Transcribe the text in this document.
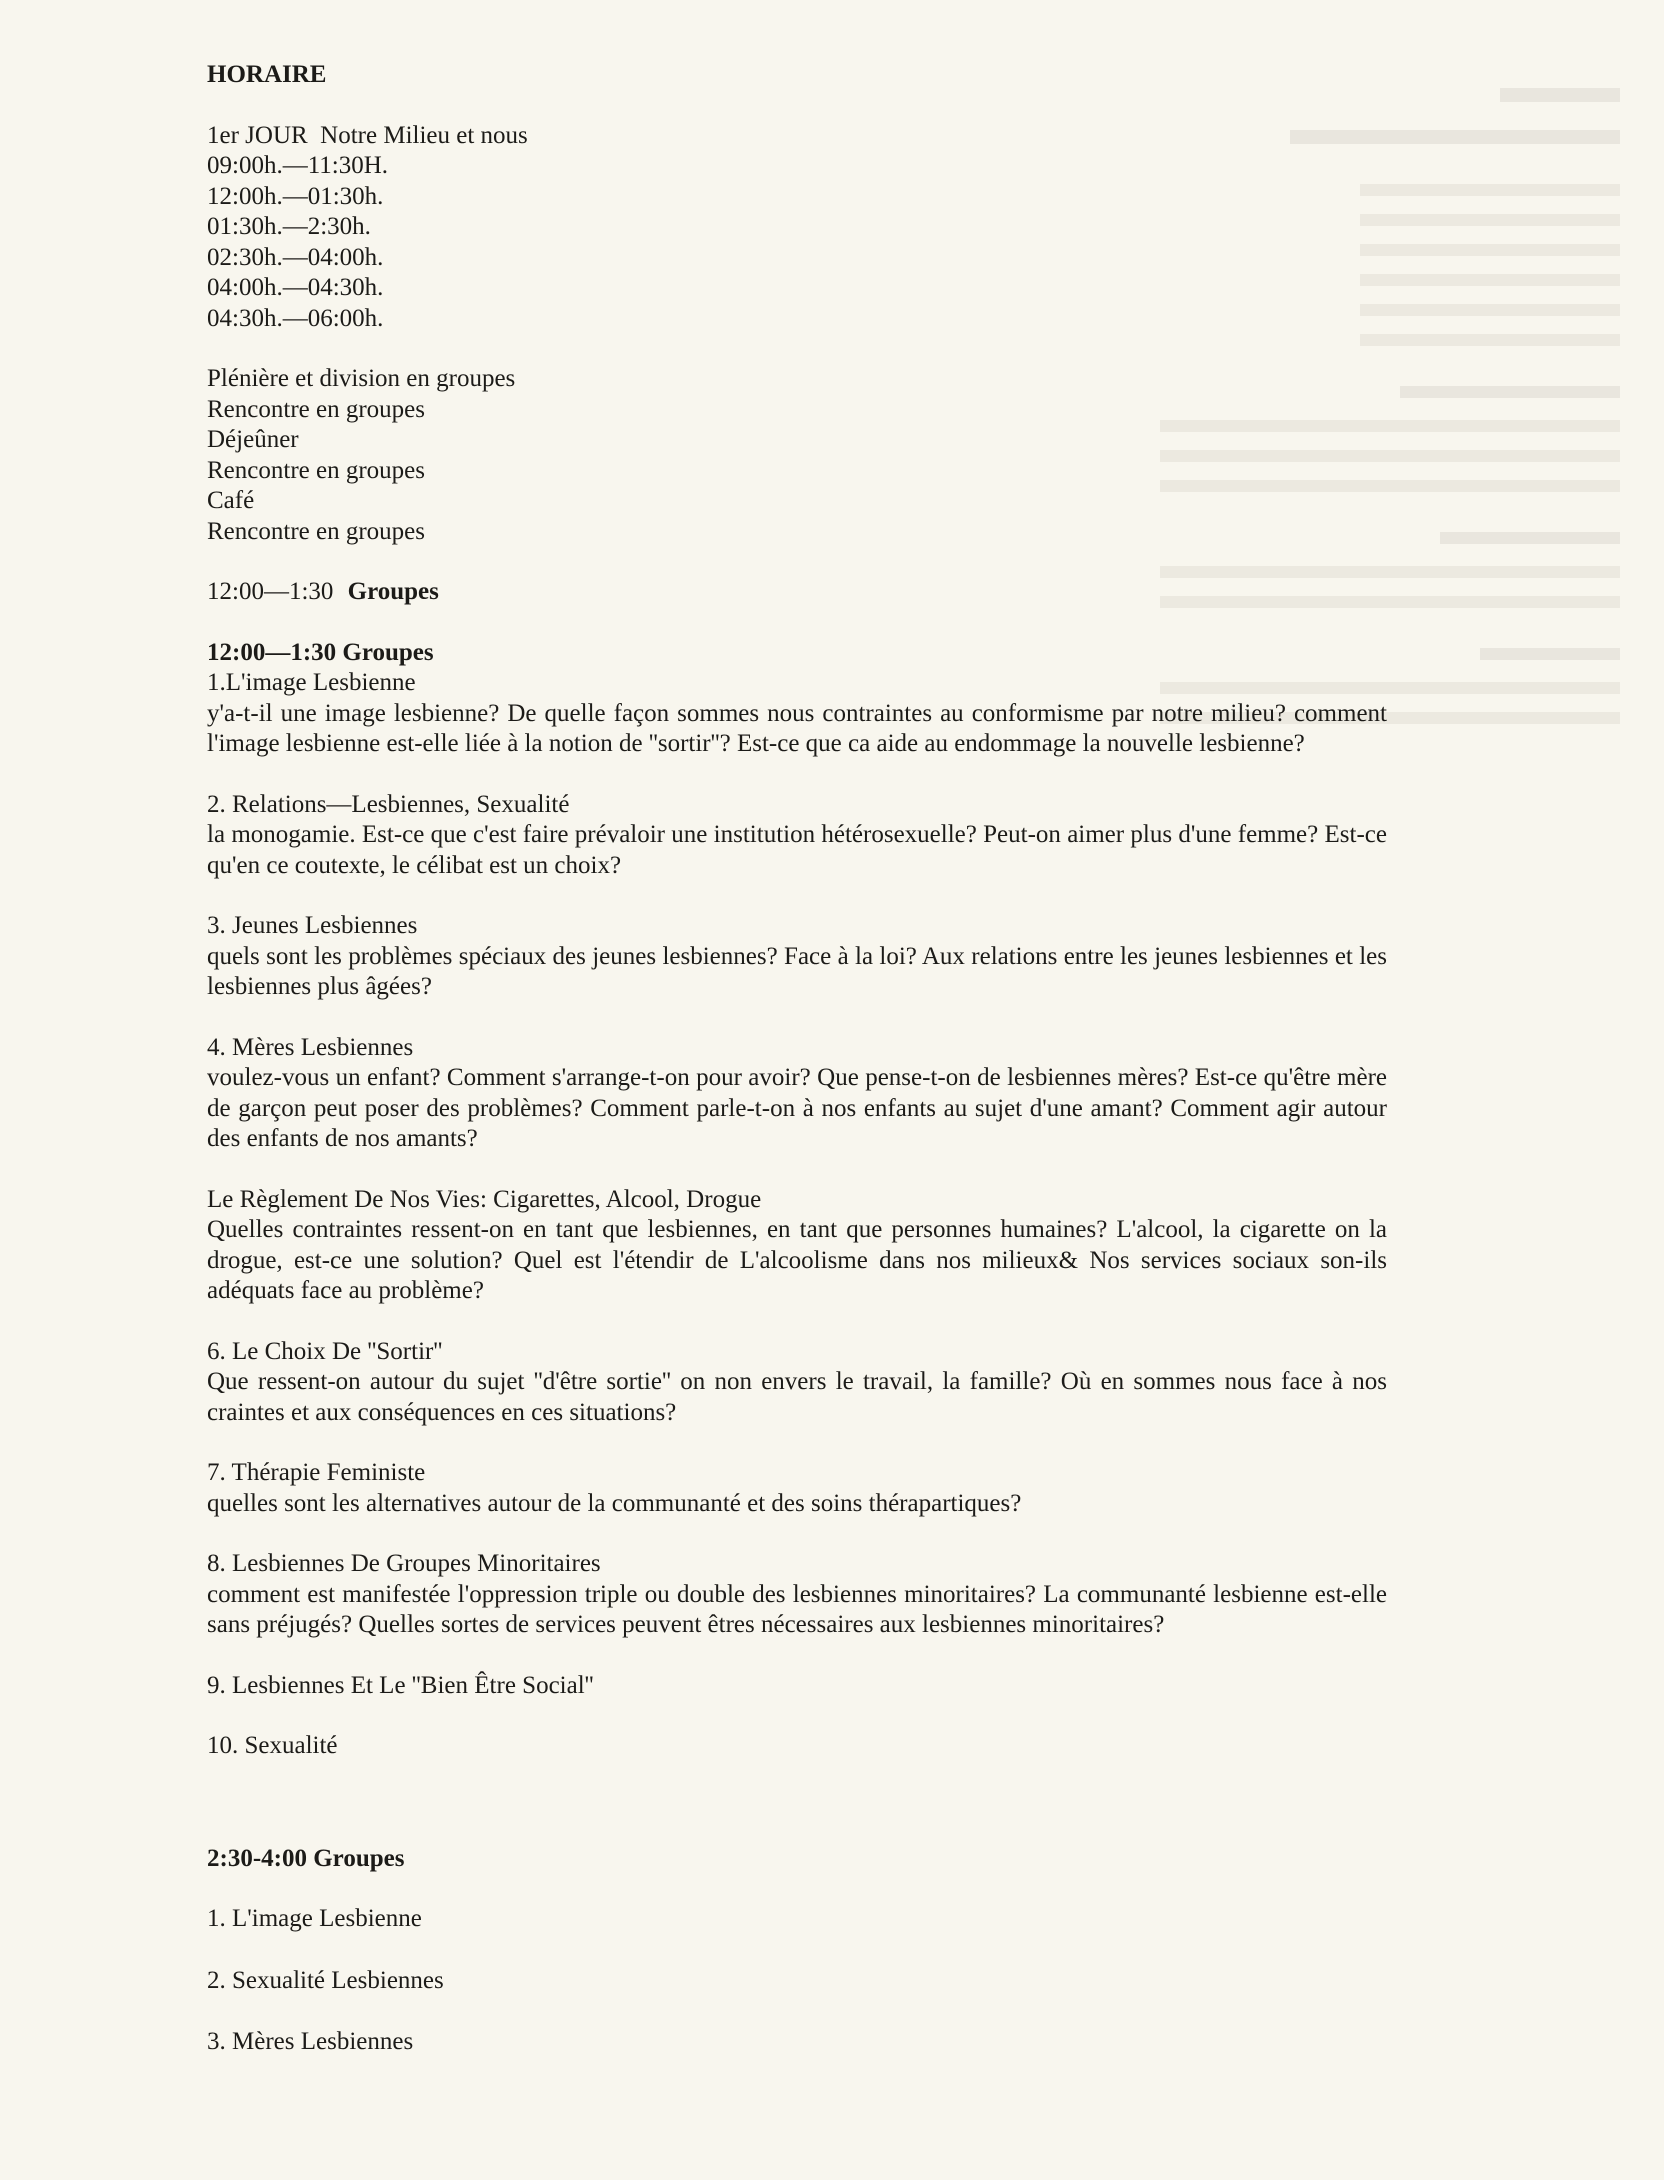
HORAIRE
1er JOUR  Notre Milieu et nous
09:00h.—11:30H.
12:00h.—01:30h.
01:30h.—2:30h.
02:30h.—04:00h.
04:00h.—04:30h.
04:30h.—06:00h.
Plénière et division en groupes
Rencontre en groupes
Déjeûner
Rencontre en groupes
Café
Rencontre en groupes
12:00—1:30 Groupes
12:00—1:30 Groupes
1.L'image Lesbienne
y'a-t-il une image lesbienne? De quelle façon sommes nous contraintes au conformisme par notre milieu? comment l'image lesbienne est-elle liée à la notion de ''sortir''? Est-ce que ca aide au endommage la nouvelle lesbienne?
2. Relations—Lesbiennes, Sexualité
la monogamie. Est-ce que c'est faire prévaloir une institution hétérosexuelle? Peut-on aimer plus d'une femme? Est-ce qu'en ce coutexte, le célibat est un choix?
3. Jeunes Lesbiennes
quels sont les problèmes spéciaux des jeunes lesbiennes? Face à la loi? Aux relations entre les jeunes lesbiennes et les lesbiennes plus âgées?
4. Mères Lesbiennes
voulez-vous un enfant? Comment s'arrange-t-on pour avoir? Que pense-t-on de lesbiennes mères? Est-ce qu'être mère de garçon peut poser des problèmes? Comment parle-t-on à nos enfants au sujet d'une amant? Comment agir autour des enfants de nos amants?
Le Règlement De Nos Vies: Cigarettes, Alcool, Drogue
Quelles contraintes ressent-on en tant que lesbiennes, en tant que personnes humaines? L'alcool, la cigarette on la drogue, est-ce une solution? Quel est l'étendir de L'alcoolisme dans nos milieux& Nos services sociaux son-ils adéquats face au problème?
6. Le Choix De ''Sortir''
Que ressent-on autour du sujet ''d'être sortie'' on non envers le travail, la famille? Où en sommes nous face à nos craintes et aux conséquences en ces situations?
7. Thérapie Feministe
quelles sont les alternatives autour de la communanté et des soins thérapartiques?
8. Lesbiennes De Groupes Minoritaires
comment est manifestée l'oppression triple ou double des lesbiennes minoritaires? La communanté lesbienne est-elle sans préjugés? Quelles sortes de services peuvent êtres nécessaires aux lesbiennes minoritaires?
9. Lesbiennes Et Le ''Bien Être Social''
10. Sexualité
2:30-4:00 Groupes
1. L'image Lesbienne
2. Sexualité Lesbiennes
3. Mères Lesbiennes
